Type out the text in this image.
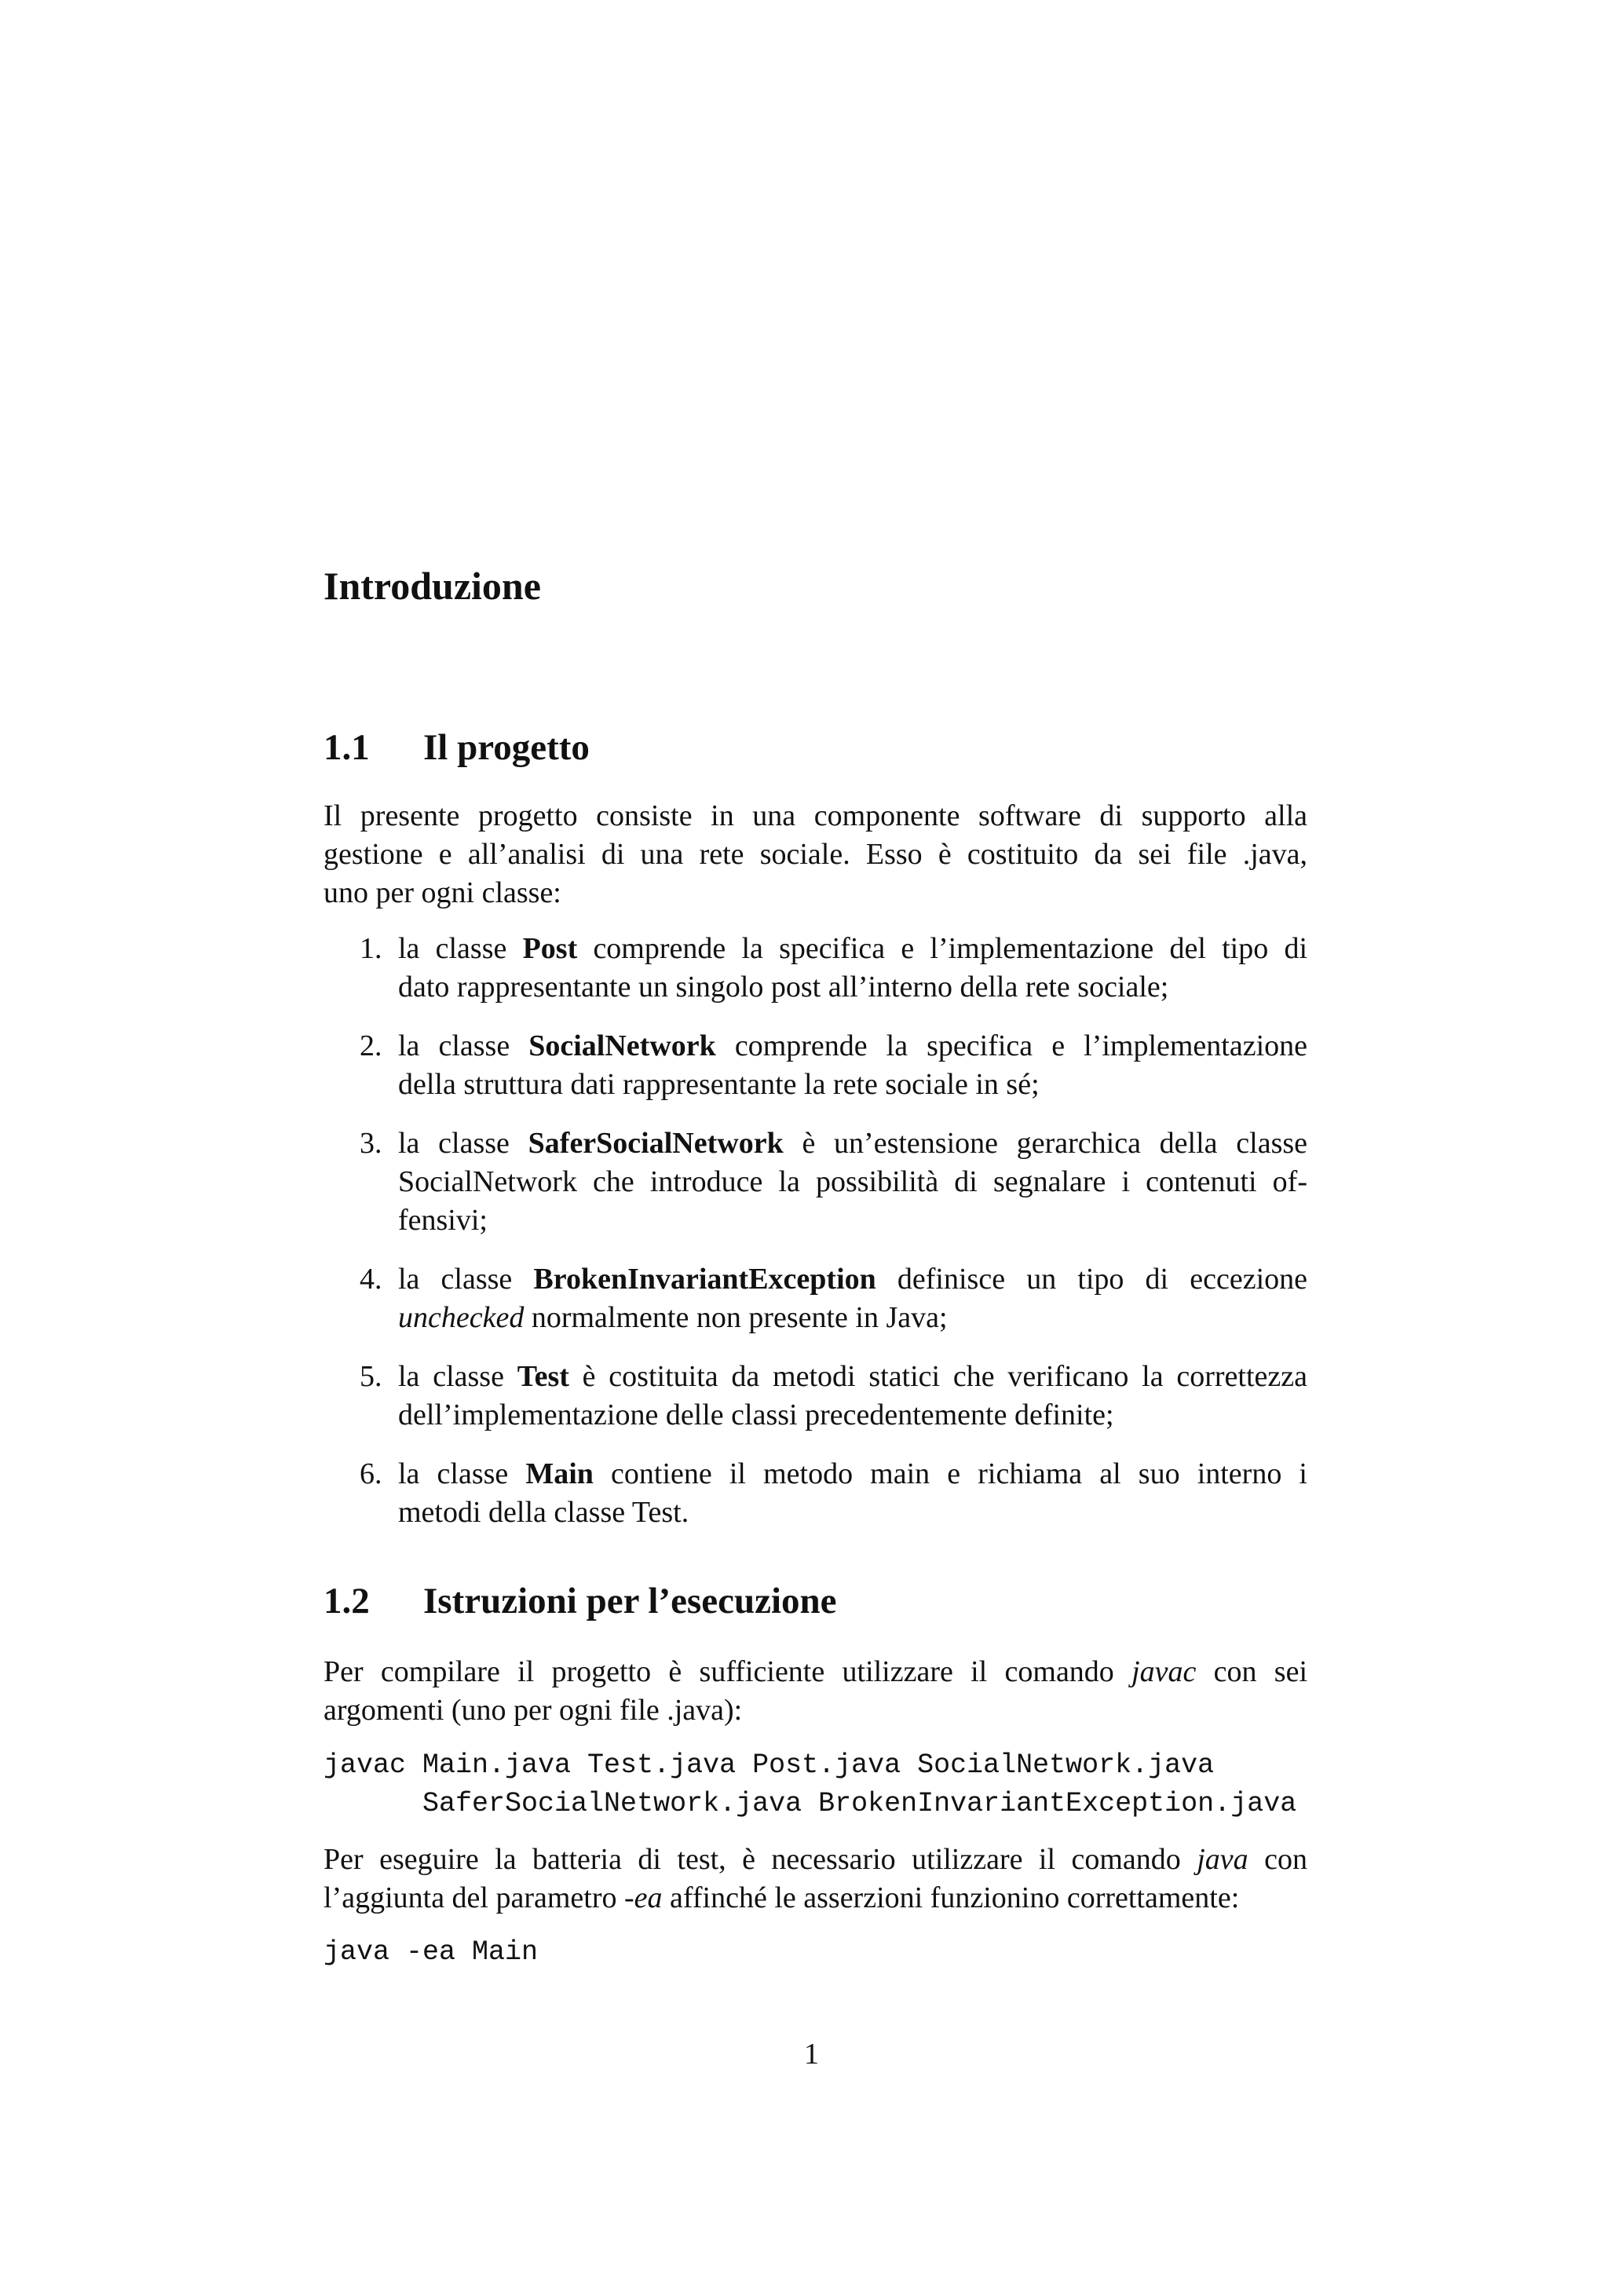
Introduzione
1.1 Il progetto
Il presente progetto consiste in una componente software di supporto alla
gestione e all’analisi di una rete sociale. Esso è costituito da sei file .java,
uno per ogni classe:
1. la classe Post comprende la specifica e l’implementazione del tipo di
dato rappresentante un singolo post all’interno della rete sociale;
2. la classe SocialNetwork comprende la specifica e l’implementazione
della struttura dati rappresentante la rete sociale in sé;
3. la classe SaferSocialNetwork è un’estensione gerarchica della classe
SocialNetwork che introduce la possibilità di segnalare i contenuti of-
fensivi;
4. la classe BrokenInvariantException definisce un tipo di eccezione
unchecked normalmente non presente in Java;
5. la classe Test è costituita da metodi statici che verificano la correttezza
dell’implementazione delle classi precedentemente definite;
6. la classe Main contiene il metodo main e richiama al suo interno i
metodi della classe Test.
1.2 Istruzioni per l’esecuzione
Per compilare il progetto è sufficiente utilizzare il comando javac con sei
argomenti (uno per ogni file .java):
javac Main.java Test.java Post.java SocialNetwork.java
SaferSocialNetwork.java BrokenInvariantException.java
Per eseguire la batteria di test, è necessario utilizzare il comando java con
l’aggiunta del parametro -ea affinché le asserzioni funzionino correttamente:
java -ea Main
1
